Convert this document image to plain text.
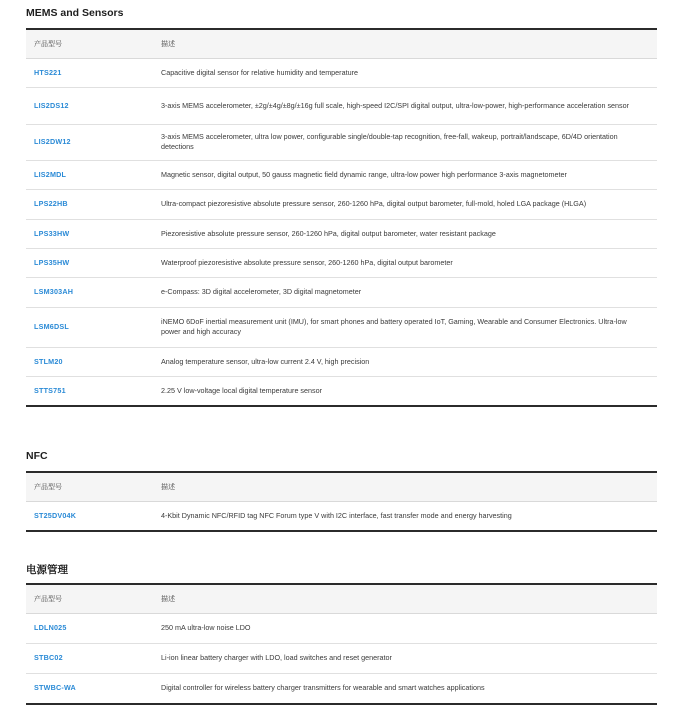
MEMS and Sensors
产品型号	描述
HTS221	Capacitive digital sensor for relative humidity and temperature
LIS2DS12	3-axis MEMS accelerometer, ±2g/±4g/±8g/±16g full scale, high-speed I2C/SPI digital output, ultra-low-power, high-performance acceleration sensor
LIS2DW12	3-axis MEMS accelerometer, ultra low power, configurable single/double-tap recognition, free-fall, wakeup, portrait/landscape, 6D/4D orientation detections
LIS2MDL	Magnetic sensor, digital output, 50 gauss magnetic field dynamic range, ultra-low power high performance 3-axis magnetometer
LPS22HB	Ultra-compact piezoresistive absolute pressure sensor, 260-1260 hPa, digital output barometer, full-mold, holed LGA package (HLGA)
LPS33HW	Piezoresistive absolute pressure sensor, 260-1260 hPa, digital output barometer, water resistant package
LPS35HW	Waterproof piezoresistive absolute pressure sensor, 260-1260 hPa, digital output barometer
LSM303AH	e-Compass: 3D digital accelerometer, 3D digital magnetometer
LSM6DSL	iNEMO 6DoF inertial measurement unit (IMU), for smart phones and battery operated IoT, Gaming, Wearable and Consumer Electronics. Ultra-low power and high accuracy
STLM20	Analog temperature sensor, ultra-low current 2.4 V, high precision
STTS751	2.25 V low-voltage local digital temperature sensor
NFC
产品型号	描述
ST25DV04K	4-Kbit Dynamic NFC/RFID tag NFC Forum type V with I2C interface, fast transfer mode and energy harvesting
电源管理
产品型号	描述
LDLN025	250 mA ultra-low noise LDO
STBC02	Li-ion linear battery charger with LDO, load switches and reset generator
STWBC-WA	Digital controller for wireless battery charger transmitters for wearable and smart watches applications
